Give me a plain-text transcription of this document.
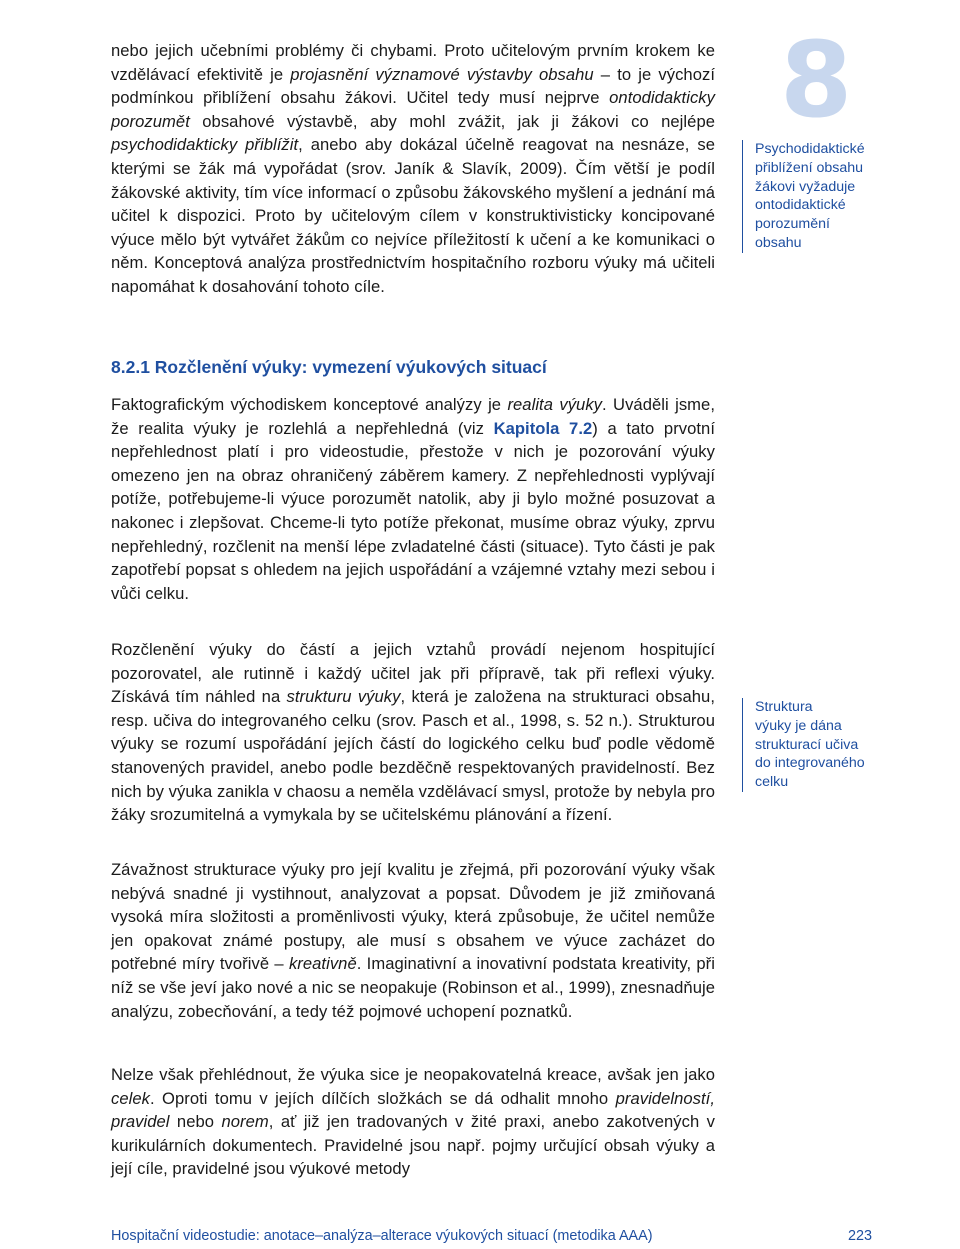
8

nebo jejich učebními problémy či chybami. Proto učitelovým prvním krokem ke vzdělávací efektivitě je projasnění významové výstavby obsahu – to je výchozí podmínkou přiblížení obsahu žákovi. Učitel tedy musí nejprve ontodidakticky porozumět obsahové výstavbě, aby mohl zvážit, jak ji žákovi co nejlépe psychodidakticky přiblížit, anebo aby dokázal účelně reagovat na nesnáze, se kterými se žák má vypořádat (srov. Janík & Slavík, 2009). Čím větší je podíl žákovské aktivity, tím více informací o způsobu žákovského myšlení a jednání má učitel k dispozici. Proto by učitelovým cílem v konstruktivisticky koncipované výuce mělo být vytvářet žákům co nejvíce příležitostí k učení a ke komunikaci o něm. Konceptová analýza prostřednictvím hospitačního rozboru výuky má učiteli napomáhat k dosahování tohoto cíle.

Psychodidaktické
přiblížení obsahu
žákovi vyžaduje
ontodidaktické
porozumění
obsahu
8.2.1 Rozčlenění výuky: vymezení výukových situací

Faktografickým východiskem konceptové analýzy je realita výuky. Uváděli jsme, že realita výuky je rozlehlá a nepřehledná (viz Kapitola 7.2) a tato prvotní nepřehlednost platí i pro videostudie, přestože v nich je pozorování výuky omezeno jen na obraz ohraničený záběrem kamery. Z nepřehlednosti vyplývají potíže, potřebujeme-li výuce porozumět natolik, aby ji bylo možné posuzovat a nakonec i zlepšovat. Chceme-li tyto potíže překonat, musíme obraz výuky, zprvu nepřehledný, rozčlenit na menší lépe zvladatelné části (situace). Tyto části je pak zapotřebí popsat s ohledem na jejich uspořádání a vzájemné vztahy mezi sebou i vůči celku.

Rozčlenění výuky do částí a jejich vztahů provádí nejenom hospitující pozorovatel, ale rutinně i každý učitel jak při přípravě, tak při reflexi výuky. Získává tím náhled na strukturu výuky, která je založena na strukturaci obsahu, resp. učiva do integrovaného celku (srov. Pasch et al., 1998, s. 52 n.). Strukturou výuky se rozumí uspořádání jejích částí do logického celku buď podle vědomě stanovených pravidel, anebo podle bezděčně respektovaných pravidelností. Bez nich by výuka zanikla v chaosu a neměla vzdělávací smysl, protože by nebyla pro žáky srozumitelná a vymykala by se učitelskému plánování a řízení.

Struktura
výuky je dána
strukturací učiva
do integrovaného
celku

Závažnost strukturace výuky pro její kvalitu je zřejmá, při pozorování výuky však nebývá snadné ji vystihnout, analyzovat a popsat. Důvodem je již zmiňovaná vysoká míra složitosti a proměnlivosti výuky, která způsobuje, že učitel nemůže jen opakovat známé postupy, ale musí s obsahem ve výuce zacházet do potřebné míry tvořivě – kreativně. Imaginativní a inovativní podstata kreativity, při níž se vše jeví jako nové a nic se neopakuje (Robinson et al., 1999), znesnadňuje analýzu, zobecňování, a tedy též pojmové uchopení poznatků.

Nelze však přehlédnout, že výuka sice je neopakovatelná kreace, avšak jen jako celek. Oproti tomu v jejích dílčích složkách se dá odhalit mnoho pravidelností, pravidel nebo norem, ať již jen tradovaných v žité praxi, anebo zakotvených v kurikulárních dokumentech. Pravidelné jsou např. pojmy určující obsah výuky a její cíle, pravidelné jsou výukové metody

Hospitační videostudie: anotace–analýza–alterace výukových situací (metodika AAA)	223
